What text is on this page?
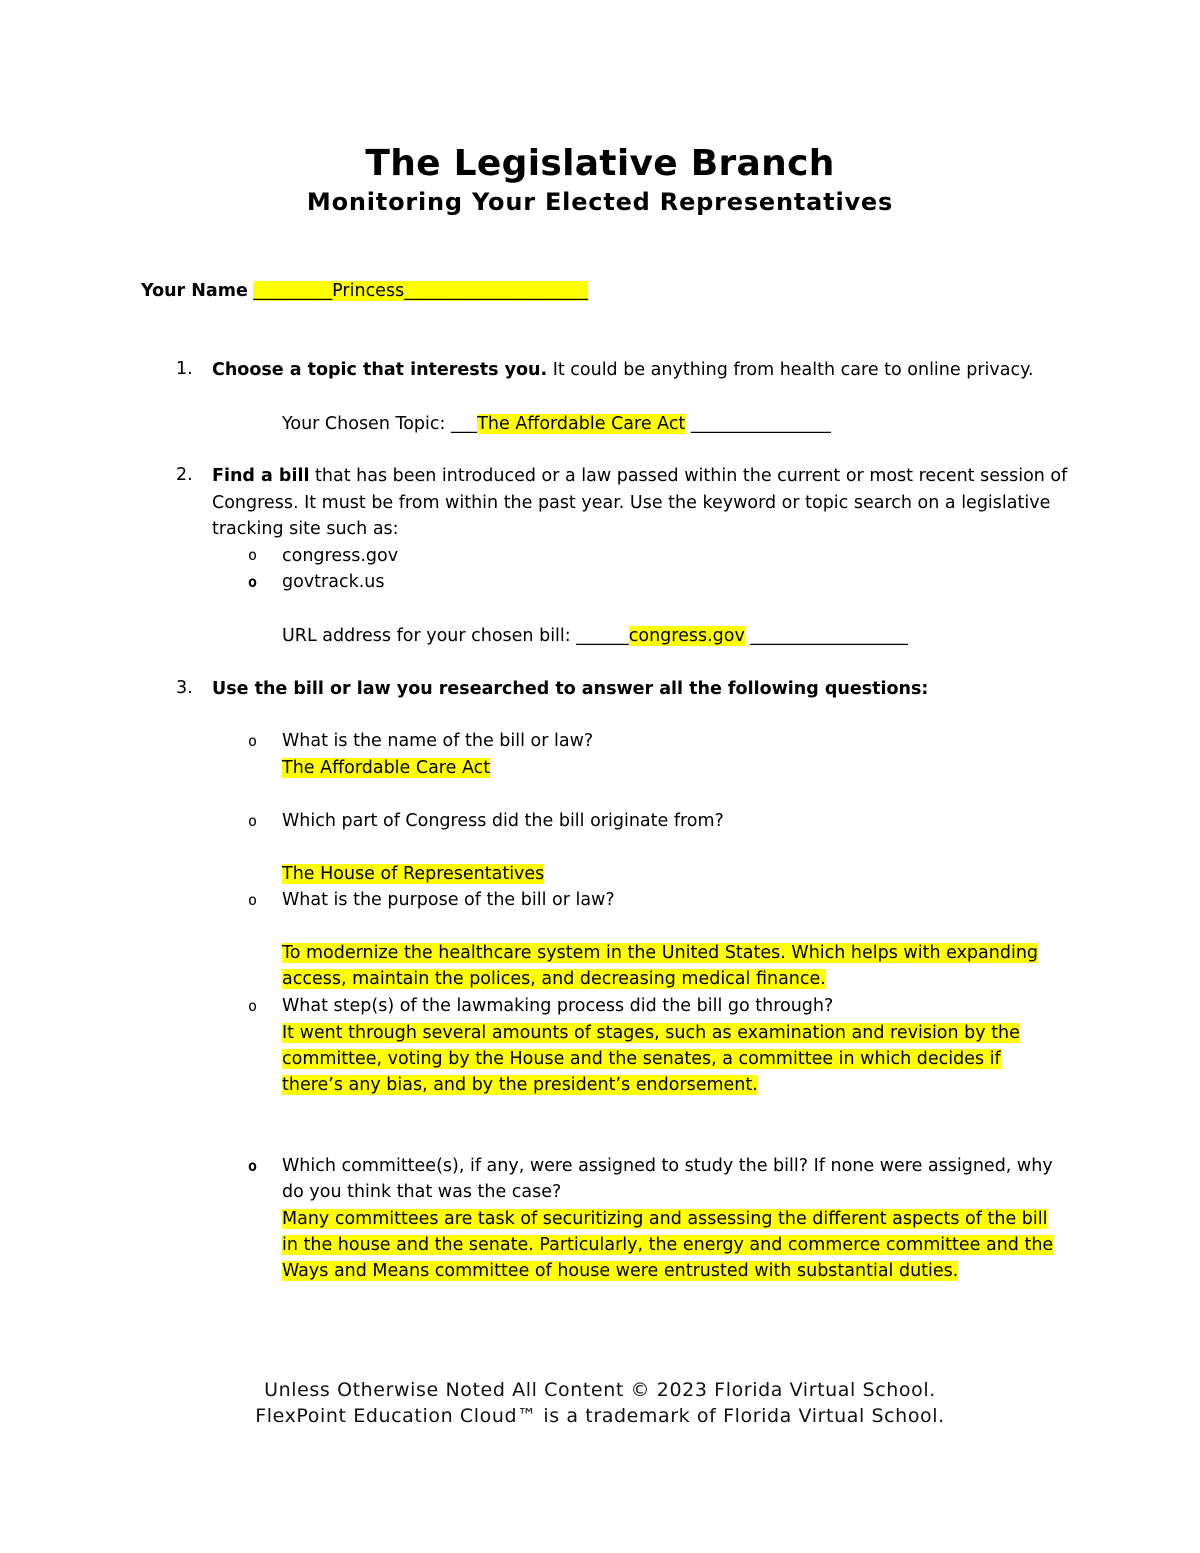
The Legislative Branch
Monitoring Your Elected Representatives
Your Name _________Princess_____________________
1. Choose a topic that interests you. It could be anything from health care to online privacy.
Your Chosen Topic: ___The Affordable Care Act ________________
2. Find a bill that has been introduced or a law passed within the current or most recent session of
Congress. It must be from within the past year. Use the keyword or topic search on a legislative
tracking site such as:
o congress.gov
o govtrack.us
URL address for your chosen bill: ______congress.gov __________________
3. Use the bill or law you researched to answer all the following questions:
o What is the name of the bill or law?
The Affordable Care Act
o Which part of Congress did the bill originate from?
The House of Representatives
o What is the purpose of the bill or law?
To modernize the healthcare system in the United States. Which helps with expanding
access, maintain the polices, and decreasing medical finance.
o What step(s) of the lawmaking process did the bill go through?
It went through several amounts of stages, such as examination and revision by the
committee, voting by the House and the senates, a committee in which decides if
there’s any bias, and by the president’s endorsement.
o Which committee(s), if any, were assigned to study the bill? If none were assigned, why
do you think that was the case?
Many committees are task of securitizing and assessing the different aspects of the bill
in the house and the senate. Particularly, the energy and commerce committee and the
Ways and Means committee of house were entrusted with substantial duties.
Unless Otherwise Noted All Content © 2023 Florida Virtual School.
FlexPoint Education Cloud™ is a trademark of Florida Virtual School.
